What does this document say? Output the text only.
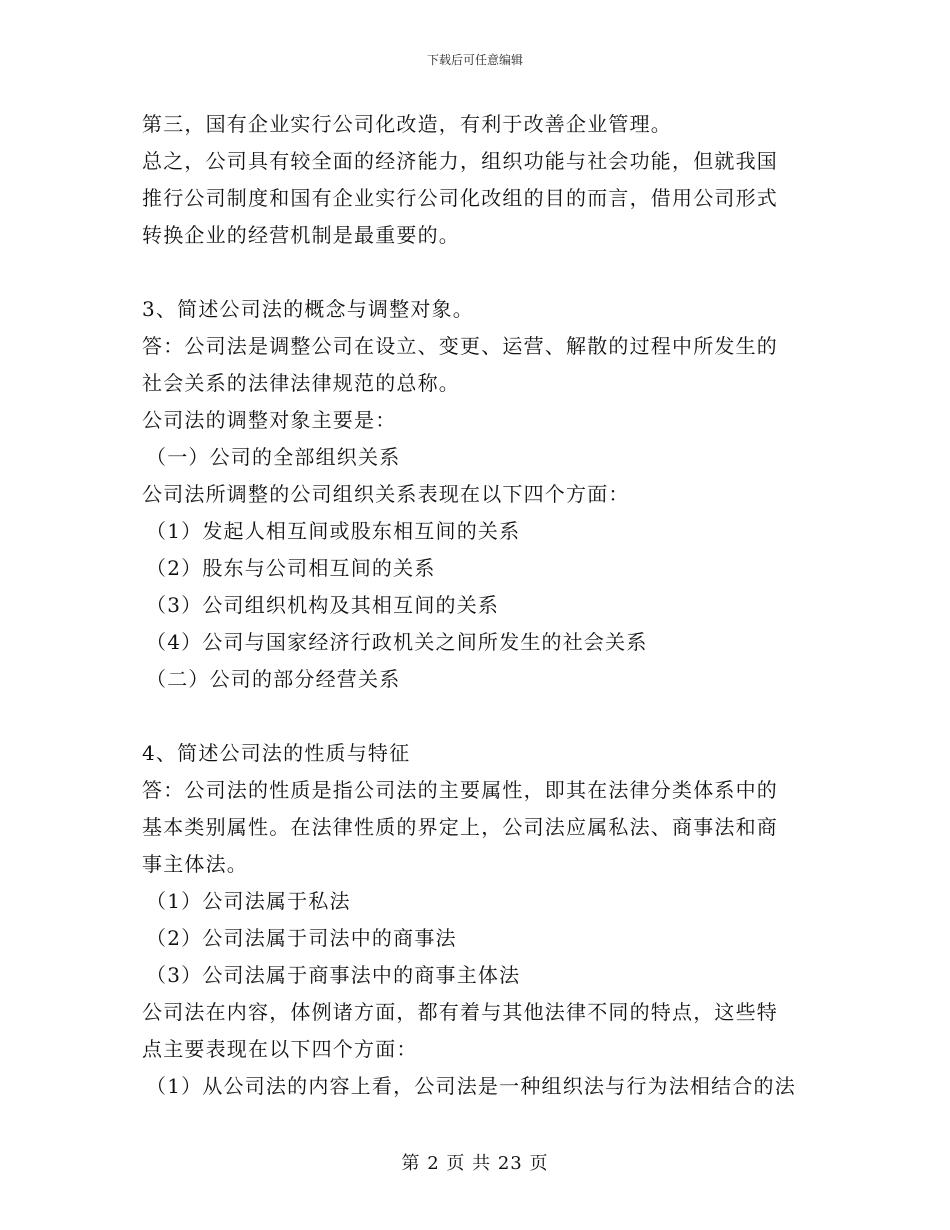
下载后可任意编辑
第三，国有企业实行公司化改造，有利于改善企业管理。
总之，公司具有较全面的经济能力，组织功能与社会功能，但就我国
推行公司制度和国有企业实行公司化改组的目的而言，借用公司形式
转换企业的经营机制是最重要的。
3、简述公司法的概念与调整对象。
答：公司法是调整公司在设立、变更、运营、解散的过程中所发生的
社会关系的法律法律规范的总称。
公司法的调整对象主要是：
（一）公司的全部组织关系
公司法所调整的公司组织关系表现在以下四个方面：
（1）发起人相互间或股东相互间的关系
（2）股东与公司相互间的关系
（3）公司组织机构及其相互间的关系
（4）公司与国家经济行政机关之间所发生的社会关系
（二）公司的部分经营关系
4、简述公司法的性质与特征
答：公司法的性质是指公司法的主要属性，即其在法律分类体系中的
基本类别属性。在法律性质的界定上，公司法应属私法、商事法和商
事主体法。
（1）公司法属于私法
（2）公司法属于司法中的商事法
（3）公司法属于商事法中的商事主体法
公司法在内容，体例诸方面，都有着与其他法律不同的特点，这些特
点主要表现在以下四个方面：
（1）从公司法的内容上看，公司法是一种组织法与行为法相结合的法
第 2 页 共 23 页
